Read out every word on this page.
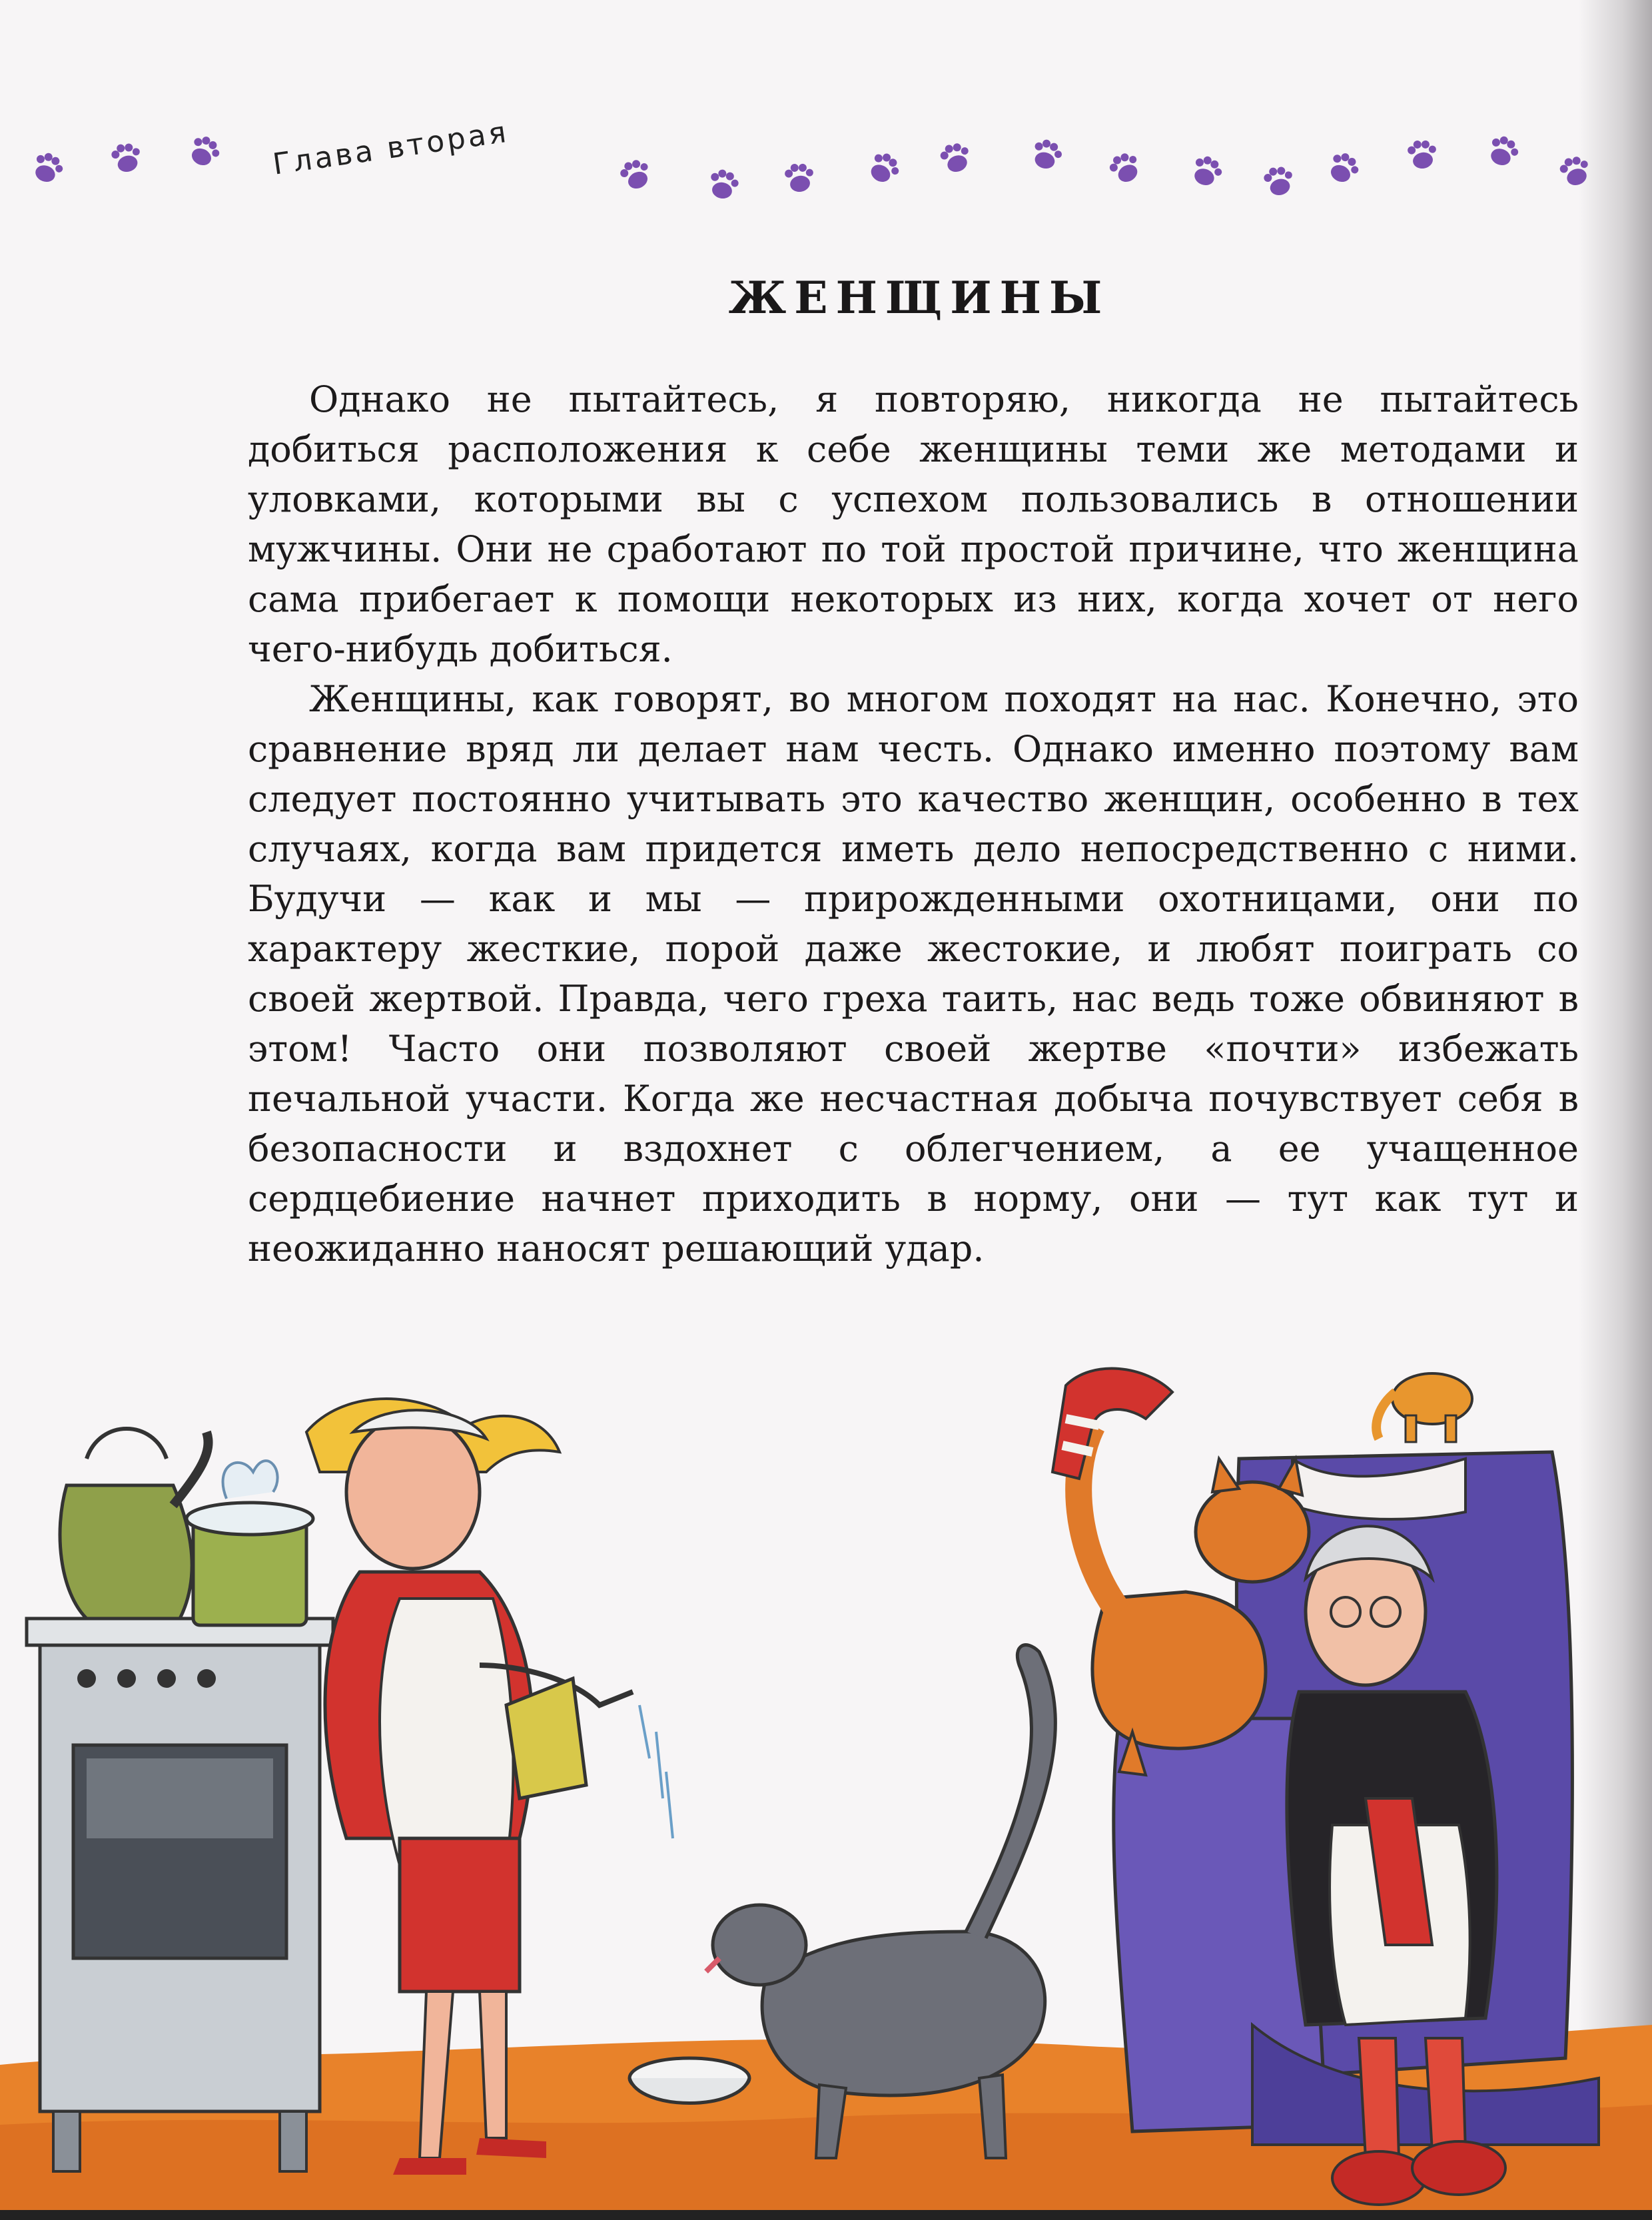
Глава вторая
ЖЕНЩИНЫ

Однако не пытайтесь, я повторяю, никогда не пытайтесь добиться расположения к себе женщины теми же методами и уловками, которыми вы с успехом пользовались в отношении мужчины. Они не сработают по той простой причине, что женщина сама прибегает к помощи некоторых из них, когда хочет от него чего-нибудь добиться.

Женщины, как говорят, во многом походят на нас. Конечно, это сравнение вряд ли делает нам честь. Однако именно поэтому вам следует постоянно учитывать это качество женщин, особенно в тех случаях, когда вам придется иметь дело непосредственно с ними. Будучи — как и мы — прирожденными охотницами, они по характеру жесткие, порой даже жестокие, и любят поиграть со своей жертвой. Правда, чего греха таить, нас ведь тоже обвиняют в этом! Часто они позволяют своей жертве «почти» избежать печальной участи. Когда же несчастная добыча почувствует себя в безопасности и вздохнет с облегчением, а ее учащенное сердцебиение начнет приходить в норму, они — тут как тут и неожиданно наносят решающий удар.
